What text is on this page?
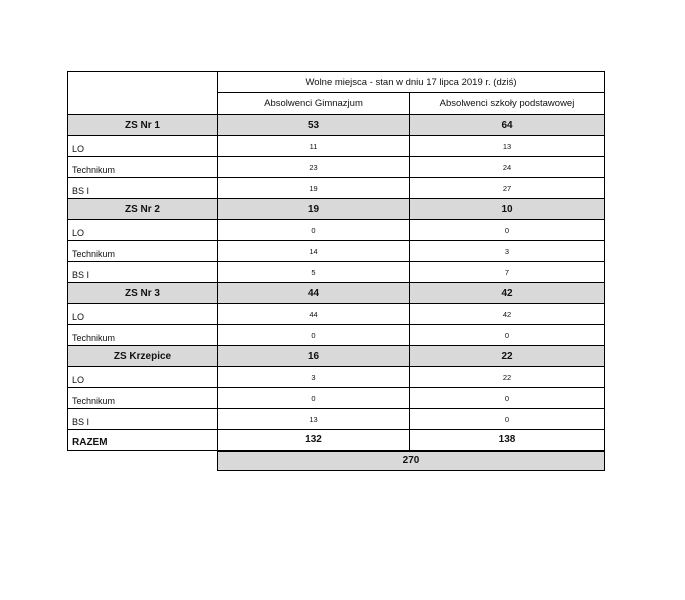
	Wolne miejsca - stan w dniu 17 lipca 2019 r. (dziś)	
	Absolwenci Gimnazjum	Absolwenci szkoły podstawowej
ZS Nr 1	53	64
LO	11	13
Technikum	23	24
BS I	19	27
ZS Nr 2	19	10
LO	0	0
Technikum	14	3
BS I	5	7
ZS Nr 3	44	42
LO	44	42
Technikum	0	0
ZS Krzepice	16	22
LO	3	22
Technikum	0	0
BS I	13	0
RAZEM	132	138
	270	
